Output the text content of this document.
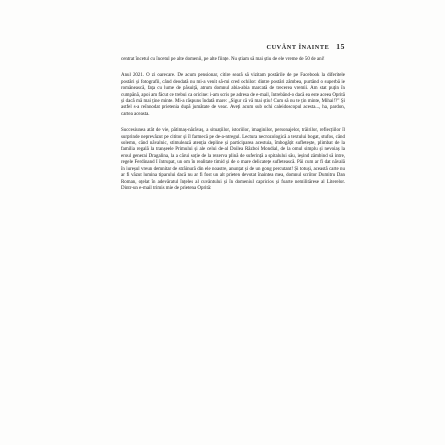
CUVÂNT ÎNAINTE 15

centrat încetul cu încetul pe alte domenii, pe alte ființe. Nu știam să mai știu de ele vreme de 50 de ani!

Anul 2021. O zi oarecare. De acum pensionar, citire seară să vizitam postările de pe Facebook la diferitele postări și fotografii, când deodată nu mi-a venit să-mi cred ochilor: dintre postări zâmbea, purtând o superbă ie românească, fața cu lume de păsuiță, atrum domnul abia-abia marcată de trecerea vremii. Am stat puțin în cumpănă, apoi am făcut ce trebui ca oricine: i-am scris pe adresa de e-mail, întrebând-o dacă ea este aceea Oprită și dacă mă mai ține minte. Mi-a răspuns îndată mare: „Sigur că vă mai știu! Cum să nu te țin minte, Mihai!?” Și astfel s-a reînnodat prietenia după jumătate de veac. Aveți acum sub ochi caleidoscopul acesta..., ha, pardon, cartea aceasta.

Succesiunea atât de vie, pătimaș-nărăvaș, a situațiilor, istoriilor, imaginilor, personajelor, trăirilor, reflecțiilor îl surprinde neprevăzut pe cititor și îl farmecă pe de-a-ntregul. Lectura necrozologică a textului bogat, stufos, când solemn, când năvalnic, stimulează atenția depline și participarea acestuia, îmbogățit sufletește, plimbat de la familia regală la tranșeele Primului și ale celui de-al Doilea Război Mondial, de la omul simplu și nevoiaș la eroul generai Dragalina, la a cărui soție de la rezerva plină de suferință a spitalului său, ieșind zâmbind să intre, regele Ferdinand I întrupat, un om în realitate timid și de o mare delicatețe sufletească. Păi cum ar fi dat năvală în iureșul vreun demnitar de străinură din ele noastre, anunțat și de un gong percutant! Și totuși, această carte nu ar fi văzut lumina tiparului dacă nu ar fi fost un alt prieten devotat înaintea mea, domnul scriitor Dumitru Dan Roman, oțelat în adevăratul înțeles al cuvântului și în domeniul capricios și foarte nemilitărese al Literelor. Dintr-un e-mail trimis mie de prietena Oprită:
